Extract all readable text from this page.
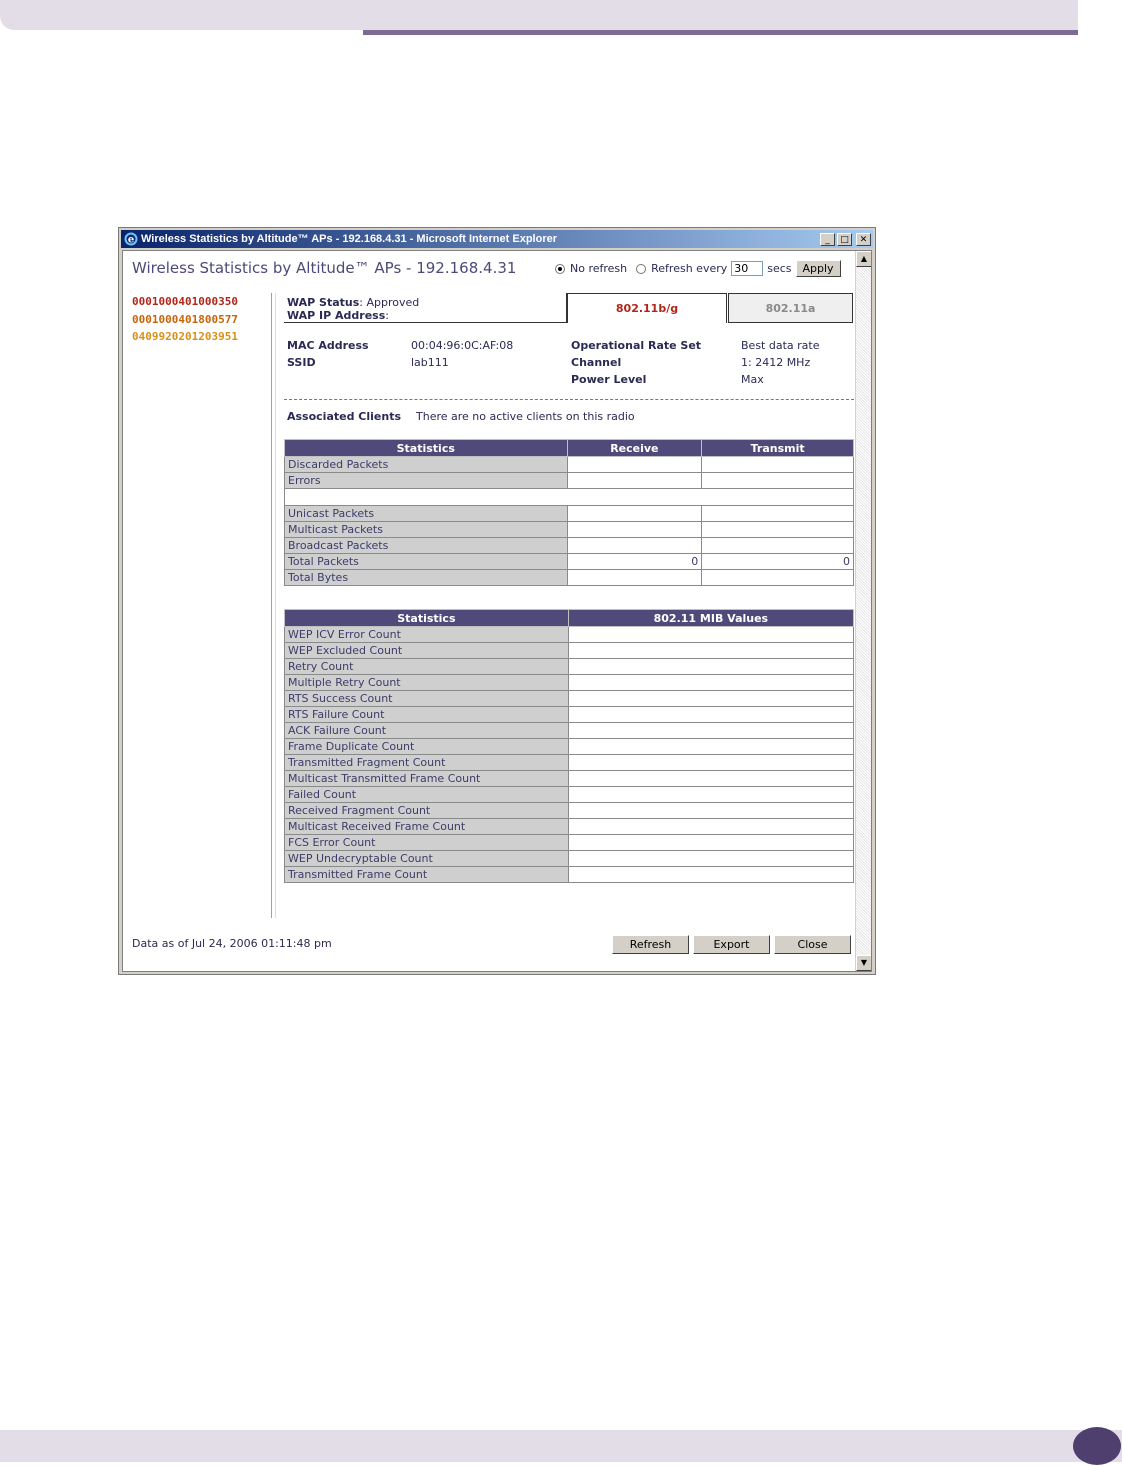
e Wireless Statistics by Altitude™ APs - 192.168.4.31 - Microsoft Internet Explorer	_	□	✕
Wireless Statistics by Altitude™ APs - 192.168.4.31	No refresh Refresh every
30	secs Apply
0001000401000350
0001000401800577
0409920201203951
WAP Status: Approved
WAP IP Address:
802.11b/g	802.11a
MAC Address	00:04:96:0C:AF:08
SSID	lab111
Operational Rate Set	Best data rate
Channel	1: 2412 MHz
Power Level	Max
Associated Clients There are no active clients on this radio
Statistics	Receive	Transmit
Discarded Packets		
Errors		

Unicast Packets		
Multicast Packets		
Broadcast Packets		
Total Packets	0	0
Total Bytes		
Statistics	802.11 MIB Values
WEP ICV Error Count	
WEP Excluded Count	
Retry Count	
Multiple Retry Count	
RTS Success Count	
RTS Failure Count	
ACK Failure Count	
Frame Duplicate Count	
Transmitted Fragment Count	
Multicast Transmitted Frame Count	
Failed Count	
Received Fragment Count	
Multicast Received Frame Count	
FCS Error Count	
WEP Undecryptable Count	
Transmitted Frame Count	
Data as of Jul 24, 2006 01:11:48 pm	Refresh	Export	Close
▲
▼
